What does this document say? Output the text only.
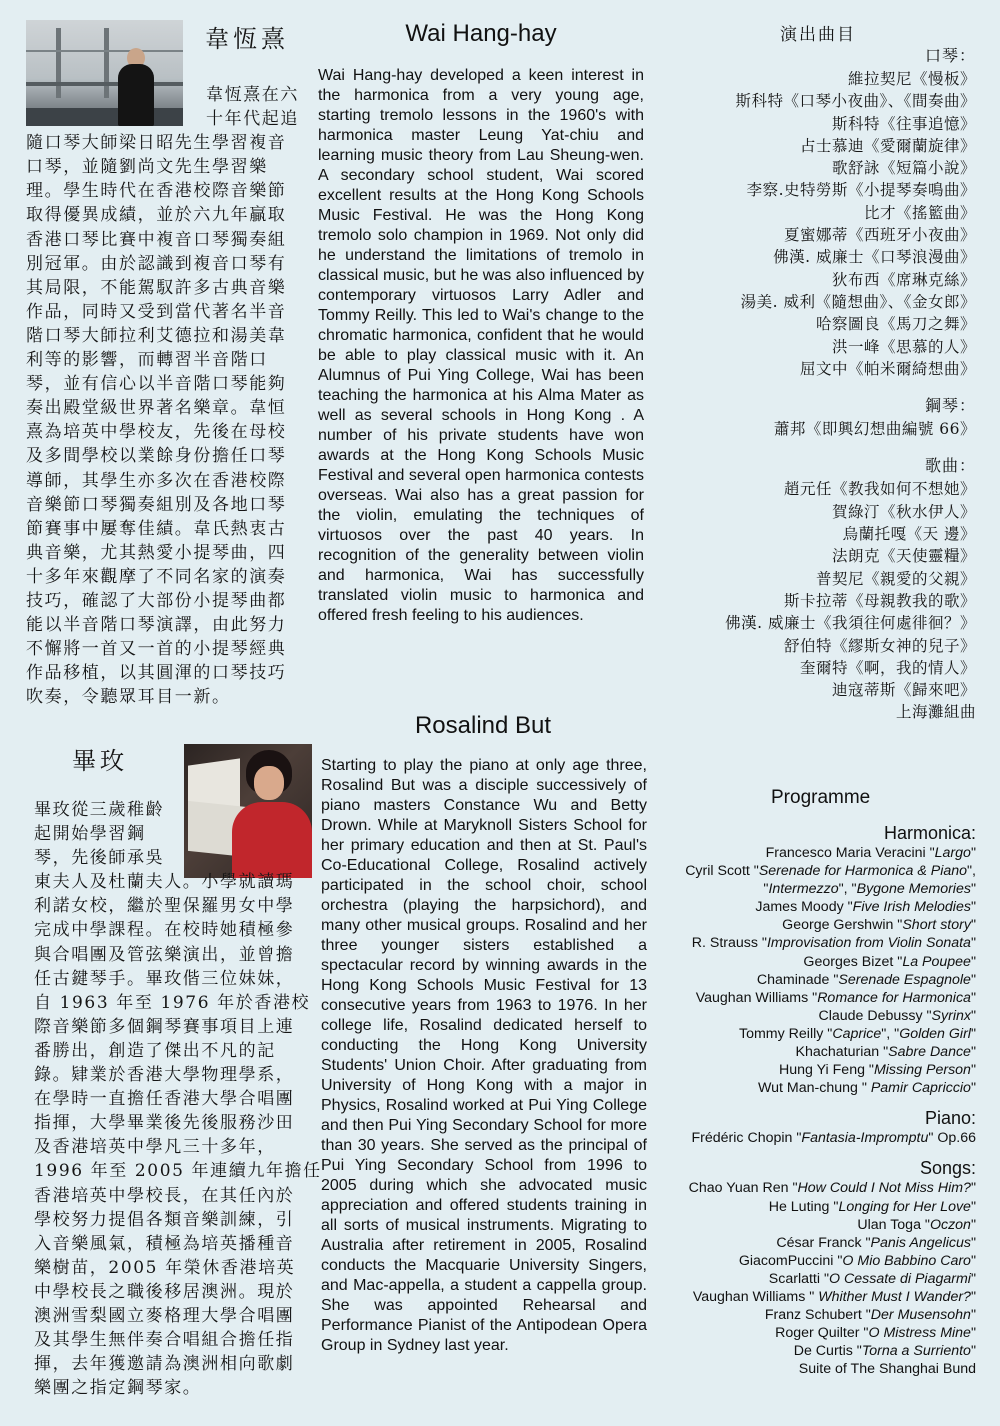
韋恆熹

韋恆熹在六

十年代起追

隨口琴大師梁日昭先生學習複音

口琴，並隨劉尚文先生學習樂

理。學生時代在香港校際音樂節

取得優異成績，並於六九年贏取

香港口琴比賽中複音口琴獨奏組

別冠軍。由於認識到複音口琴有

其局限，不能駕馭許多古典音樂

作品，同時又受到當代著名半音

階口琴大師拉利艾德拉和湯美韋

利等的影響，而轉習半音階口

琴，並有信心以半音階口琴能夠

奏出殿堂級世界著名樂章。韋恒

熹為培英中學校友，先後在母校

及多間學校以業餘身份擔任口琴

導師，其學生亦多次在香港校際

音樂節口琴獨奏組別及各地口琴

節賽事中屢奪佳績。韋氏熱衷古

典音樂，尤其熱愛小提琴曲，四

十多年來觀摩了不同名家的演奏

技巧，確認了大部份小提琴曲都

能以半音階口琴演譯，由此努力

不懈將一首又一首的小提琴經典

作品移植，以其圓渾的口琴技巧

吹奏，令聽眾耳目一新。

畢玫

畢玫從三歲稚齡

起開始學習鋼

琴，先後師承吳

東夫人及杜蘭夫人。小學就讀瑪

利諾女校，繼於聖保羅男女中學

完成中學課程。在校時她積極參

與合唱團及管弦樂演出，並曾擔

任古鍵琴手。畢玫偕三位妹妹，

自 1963 年至 1976 年於香港校

際音樂節多個鋼琴賽事項目上連

番勝出，創造了傑出不凡的記

錄。肄業於香港大學物理學系，

在學時一直擔任香港大學合唱團

指揮，大學畢業後先後服務沙田

及香港培英中學凡三十多年，

1996 年至 2005 年連續九年擔任

香港培英中學校長，在其任內於

學校努力提倡各類音樂訓練，引

入音樂風氣，積極為培英播種音

樂樹苗，2005 年榮休香港培英

中學校長之職後移居澳洲。現於

澳洲雪梨國立麥格理大學合唱團

及其學生無伴奏合唱組合擔任指

揮，去年獲邀請為澳洲相向歌劇

樂團之指定鋼琴家。

Wai Hang-hay

Wai Hang-hay developed a keen interest in the harmonica from a very young age, starting tremolo lessons in the 1960's with harmonica master Leung Yat-chiu and learning music theory from Lau Sheung-wen. A secondary school student, Wai scored excellent results at the Hong Kong Schools Music Festival. He was the Hong Kong tremolo solo champion in 1969. Not only did he understand the limitations of tremolo in classical music, but he was also influenced by contemporary virtuosos Larry Adler and Tommy Reilly. This led to Wai's change to the chromatic harmonica, confident that he would be able to play classical music with it. An Alumnus of Pui Ying College, Wai has been teaching the harmonica at his Alma Mater as well as several schools in Hong Kong . A number of his private students have won awards at the Hong Kong Schools Music Festival and several open harmonica contests overseas. Wai also has a great passion for the violin, emulating the techniques of virtuosos over the past 40 years. In recognition of the generality between violin and harmonica, Wai has successfully translated violin music to harmonica and offered fresh feeling to his audiences.

Rosalind But

Starting to play the piano at only age three, Rosalind But was a disciple successively of piano masters Constance Wu and Betty Drown. While at Maryknoll Sisters School for her primary education and then at St. Paul's Co-Educational College, Rosalind actively participated in the school choir, school orchestra (playing the harpsichord), and many other musical groups. Rosalind and her three younger sisters established a spectacular record by winning awards in the Hong Kong Schools Music Festival for 13 consecutive years from 1963 to 1976. In her college life, Rosalind dedicated herself to conducting the Hong Kong University Students' Union Choir. After graduating from University of Hong Kong with a major in Physics, Rosalind worked at Pui Ying College and then Pui Ying Secondary School for more than 30 years. She served as the principal of Pui Ying Secondary School from 1996 to 2005 during which she advocated music appreciation and offered students training in all sorts of musical instruments. Migrating to Australia after retirement in 2005, Rosalind conducts the Macquarie University Singers, and Mac-appella, a student a cappella group. She was appointed Rehearsal and Performance Pianist of the Antipodean Opera Group in Sydney last year.

演出曲目
口琴：
維拉契尼《慢板》
斯科特《口琴小夜曲》、《間奏曲》
斯科特《往事追憶》
占士慕迪《愛爾蘭旋律》
歌舒詠《短篇小說》
李察.史特勞斯《小提琴奏鳴曲》
比才《搖籃曲》
夏蜜娜蒂《西班牙小夜曲》
佛漢. 威廉士《口琴浪漫曲》
狄布西《席琳克絲》
湯美. 威利《隨想曲》、《金女郎》
哈察圖良《馬刀之舞》
洪一峰《思慕的人》
屈文中《帕米爾綺想曲》
鋼琴：
蕭邦《即興幻想曲編號 66》
歌曲：
趙元任《教我如何不想她》
賀綠汀《秋水伊人》
烏蘭托嘎《天 邊》
法朗克《天使靈糧》
普契尼《親愛的父親》
斯卡拉蒂《母親教我的歌》
佛漢. 威廉士《我須往何處徘徊？》
舒伯特《繆斯女神的兒子》
奎爾特《啊，我的情人》
迪寇蒂斯《歸來吧》
上海灘組曲
Programme
Harmonica:
Francesco Maria Veracini "Largo"
Cyril Scott "Serenade for Harmonica & Piano",
"Intermezzo", "Bygone Memories"
James Moody "Five Irish Melodies"
George Gershwin "Short story"
R. Strauss "Improvisation from Violin Sonata"
Georges Bizet "La Poupee"
Chaminade "Serenade Espagnole"
Vaughan Williams "Romance for Harmonica"
Claude Debussy "Syrinx"
Tommy Reilly "Caprice", "Golden Girl"
Khachaturian "Sabre Dance"
Hung Yi Feng "Missing Person"
Wut Man-chung " Pamir Capriccio"
Piano:
Frédéric Chopin "Fantasia-Impromptu" Op.66
Songs:
Chao Yuan Ren "How Could I Not Miss Him?"
He Luting "Longing for Her Love"
Ulan Toga "Oczon"
César Franck "Panis Angelicus"
GiacomPuccini "O Mio Babbino Caro"
Scarlatti "O Cessate di Piagarmi"
Vaughan Williams " Whither Must I Wander?"
Franz Schubert "Der Musensohn"
Roger Quilter "O Mistress Mine"
De Curtis "Torna a Surriento"
Suite of The Shanghai Bund
